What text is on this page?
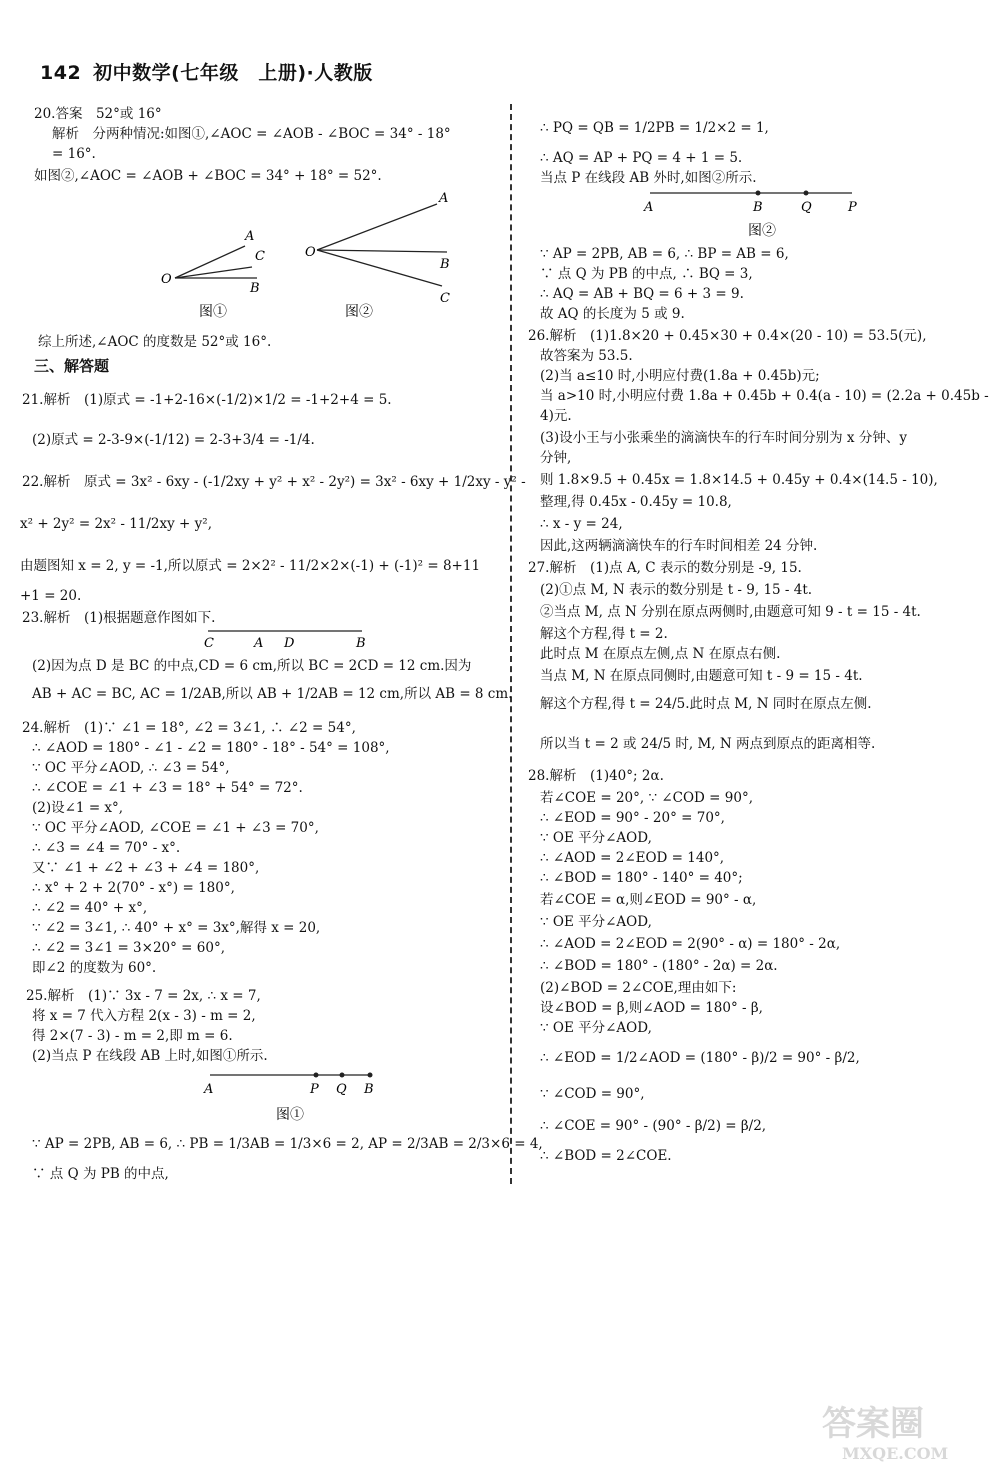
142 初中数学(七年级　上册)·人教版
20.答案　52°或 16°
解析　分两种情况:如图①,∠AOC = ∠AOB - ∠BOC = 34° - 18°
= 16°.
如图②,∠AOC = ∠AOB + ∠BOC = 34° + 18° = 52°.
O
A
C
B
图①
O
A
B
C
图②
综上所述,∠AOC 的度数是 52°或 16°.
三、解答题
21.解析　(1)原式 = -1+2-16×(-1/2)×1/2 = -1+2+4 = 5.
(2)原式 = 2-3-9×(-1/12) = 2-3+3/4 = -1/4.
22.解析　原式 = 3x² - 6xy - (-1/2xy + y² + x² - 2y²) = 3x² - 6xy + 1/2xy - y² -
x² + 2y² = 2x² - 11/2xy + y²,
由题图知 x = 2, y = -1,所以原式 = 2×2² - 11/2×2×(-1) + (-1)² = 8+11
+1 = 20.
23.解析　(1)根据题意作图如下.
C	A D	B
(2)因为点 D 是 BC 的中点,CD = 6 cm,所以 BC = 2CD = 12 cm.因为
AB + AC = BC, AC = 1/2AB,所以 AB + 1/2AB = 12 cm,所以 AB = 8 cm.
24.解析　(1)∵ ∠1 = 18°, ∠2 = 3∠1, ∴ ∠2 = 54°,
∴ ∠AOD = 180° - ∠1 - ∠2 = 180° - 18° - 54° = 108°,
∵ OC 平分∠AOD, ∴ ∠3 = 54°,
∴ ∠COE = ∠1 + ∠3 = 18° + 54° = 72°.
(2)设∠1 = x°,
∵ OC 平分∠AOD, ∠COE = ∠1 + ∠3 = 70°,
∴ ∠3 = ∠4 = 70° - x°.
又∵ ∠1 + ∠2 + ∠3 + ∠4 = 180°,
∴ x° + 2 + 2(70° - x°) = 180°,
∴ ∠2 = 40° + x°,
∵ ∠2 = 3∠1, ∴ 40° + x° = 3x°,解得 x = 20,
∴ ∠2 = 3∠1 = 3×20° = 60°,
即∠2 的度数为 60°.
25.解析　(1)∵ 3x - 7 = 2x, ∴ x = 7,
将 x = 7 代入方程 2(x - 3) - m = 2,
得 2×(7 - 3) - m = 2,即 m = 6.
(2)当点 P 在线段 AB 上时,如图①所示.
A	P Q B
图①
∵ AP = 2PB, AB = 6, ∴ PB = 1/3AB = 1/3×6 = 2, AP = 2/3AB = 2/3×6 = 4,
∵ 点 Q 为 PB 的中点,
∴ PQ = QB = 1/2PB = 1/2×2 = 1,
∴ AQ = AP + PQ = 4 + 1 = 5.
当点 P 在线段 AB 外时,如图②所示.
A	B	Q	P
图②
∵ AP = 2PB, AB = 6, ∴ BP = AB = 6,
∵ 点 Q 为 PB 的中点, ∴ BQ = 3,
∴ AQ = AB + BQ = 6 + 3 = 9.
故 AQ 的长度为 5 或 9.
26.解析　(1)1.8×20 + 0.45×30 + 0.4×(20 - 10) = 53.5(元),
故答案为 53.5.
(2)当 a≤10 时,小明应付费(1.8a + 0.45b)元;
当 a>10 时,小明应付费 1.8a + 0.45b + 0.4(a - 10) = (2.2a + 0.45b -
4)元.
(3)设小王与小张乘坐的滴滴快车的行车时间分别为 x 分钟、y
分钟,
则 1.8×9.5 + 0.45x = 1.8×14.5 + 0.45y + 0.4×(14.5 - 10),
整理,得 0.45x - 0.45y = 10.8,
∴ x - y = 24,
因此,这两辆滴滴快车的行车时间相差 24 分钟.
27.解析　(1)点 A, C 表示的数分别是 -9, 15.
(2)①点 M, N 表示的数分别是 t - 9, 15 - 4t.
②当点 M, 点 N 分别在原点两侧时,由题意可知 9 - t = 15 - 4t.
解这个方程,得 t = 2.
此时点 M 在原点左侧,点 N 在原点右侧.
当点 M, N 在原点同侧时,由题意可知 t - 9 = 15 - 4t.
解这个方程,得 t = 24/5.此时点 M, N 同时在原点左侧.
所以当 t = 2 或 24/5 时, M, N 两点到原点的距离相等.
28.解析　(1)40°; 2α.
若∠COE = 20°, ∵ ∠COD = 90°,
∴ ∠EOD = 90° - 20° = 70°,
∵ OE 平分∠AOD,
∴ ∠AOD = 2∠EOD = 140°,
∴ ∠BOD = 180° - 140° = 40°;
若∠COE = α,则∠EOD = 90° - α,
∵ OE 平分∠AOD,
∴ ∠AOD = 2∠EOD = 2(90° - α) = 180° - 2α,
∴ ∠BOD = 180° - (180° - 2α) = 2α.
(2)∠BOD = 2∠COE,理由如下:
设∠BOD = β,则∠AOD = 180° - β,
∵ OE 平分∠AOD,
∴ ∠EOD = 1/2∠AOD = (180° - β)/2 = 90° - β/2,
∵ ∠COD = 90°,
∴ ∠COE = 90° - (90° - β/2) = β/2,
∴ ∠BOD = 2∠COE.
答案圈
MXQE.COM
